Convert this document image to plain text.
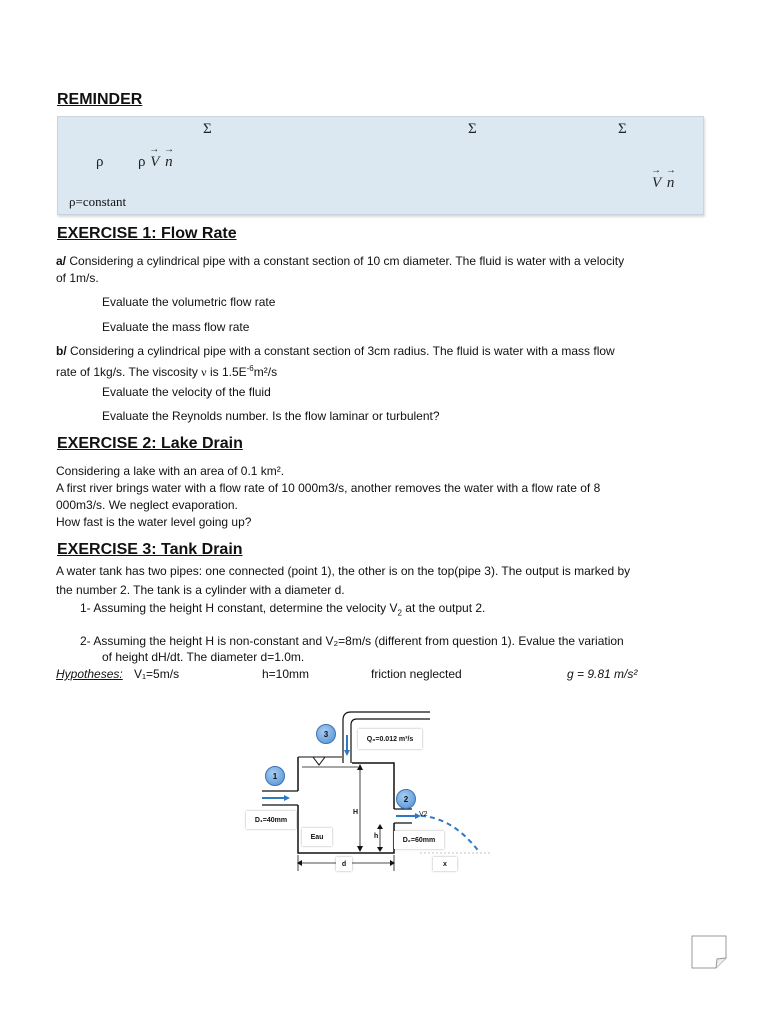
REMINDER
Σ	Σ	Σ
ρ ρ → V → n
→ V → n
ρ=constant
EXERCISE 1: Flow Rate
a/ Considering a cylindrical pipe with a constant section of 10 cm diameter. The fluid is water with a velocity
of 1m/s.
Evaluate the volumetric flow rate
Evaluate the mass flow rate
b/ Considering a cylindrical pipe with a constant section of 3cm radius. The fluid is water with a mass flow
rate of 1kg/s. The viscosity ν is $1.5E^{-6}m^2/s$
Evaluate the velocity of the fluid
Evaluate the Reynolds number. Is the flow laminar or turbulent?
EXERCISE 2: Lake Drain
Considering a lake with an area of 0.1 km².
A first river brings water with a flow rate of 10 000m3/s, another removes the water with a flow rate of 8
000m3/s. We neglect evaporation.
How fast is the water level going up?
EXERCISE 3: Tank Drain
A water tank has two pipes: one connected (point 1), the other is on the top(pipe 3). The output is marked by
the number 2. The tank is a cylinder with a diameter d.
1- Assuming the height H constant, determine the velocity $V_2$ at the output 2.
2- Assuming the height H is non-constant and V₂=8m/s (different from question 1). Evalue the variation
of height dH/dt. The diameter d=1.0m.
Hypotheses: V₁=5m/s	h=10mm	friction neglected	g = 9.81 m/s²
3
1
2
Q₃=0.012 m³/s
D₁=40mm
D₂=60mm
Eau
d	x
H
h
V2
